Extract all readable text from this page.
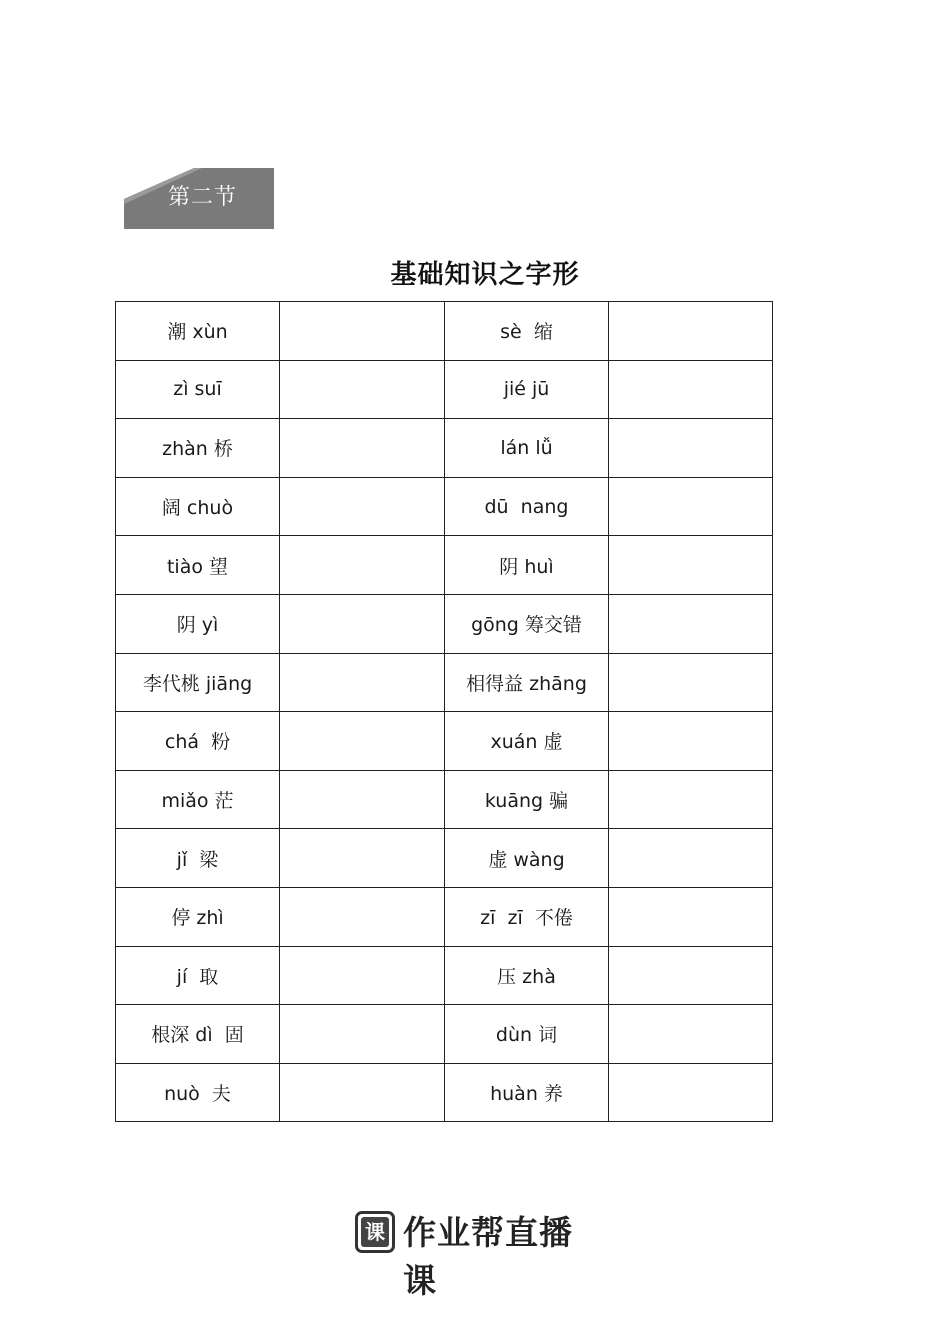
第二节
基础知识之字形
潮 xùn		sè  缩	
zì suī		jié jū	
zhàn 桥		lán lǚ	
阔 chuò		dū  nang	
tiào 望		阴 huì	
阴 yì		gōng 筹交错	
李代桃 jiāng		相得益 zhāng	
chá  粉		xuán 虚	
miǎo 茫		kuāng 骗	
jǐ  梁		虚 wàng	
停 zhì		zī  zī  不倦	
jí  取		压 zhà	
根深 dì  固		dùn 词	
nuò  夫		huàn 养	
课 作业帮直播课
